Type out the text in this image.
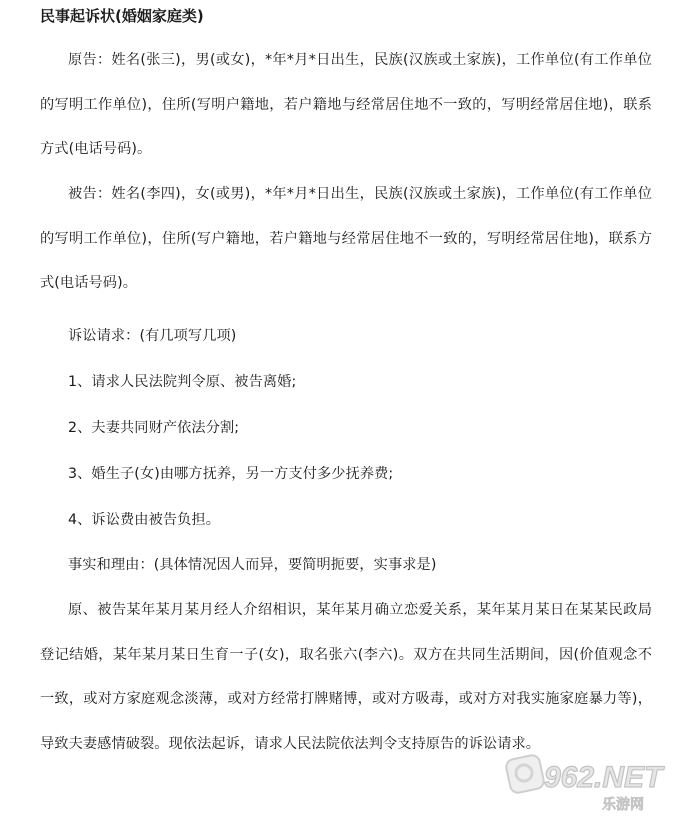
民事起诉状(婚姻家庭类)

原告：姓名(张三)，男(或女)，*年*月*日出生，民族(汉族或土家族)，工作单位(有工作单位的写明工作单位)，住所(写明户籍地，若户籍地与经常居住地不一致的，写明经常居住地)，联系方式(电话号码)。

被告：姓名(李四)，女(或男)，*年*月*日出生，民族(汉族或土家族)，工作单位(有工作单位的写明工作单位)，住所(写户籍地，若户籍地与经常居住地不一致的，写明经常居住地)，联系方式(电话号码)。

诉讼请求：(有几项写几项)

1、请求人民法院判令原、被告离婚;

2、夫妻共同财产依法分割;

3、婚生子(女)由哪方抚养，另一方支付多少抚养费;

4、诉讼费由被告负担。

事实和理由：(具体情况因人而异，要简明扼要，实事求是)

原、被告某年某月某月经人介绍相识，某年某月确立恋爱关系，某年某月某日在某某民政局登记结婚，某年某月某日生育一子(女)，取名张六(李六)。双方在共同生活期间，因(价值观念不一致，或对方家庭观念淡薄，或对方经常打牌赌博，或对方吸毒，或对方对我实施家庭暴力等)，导致夫妻感情破裂。现依法起诉，请求人民法院依法判令支持原告的诉讼请求。

962.NET
乐游网
